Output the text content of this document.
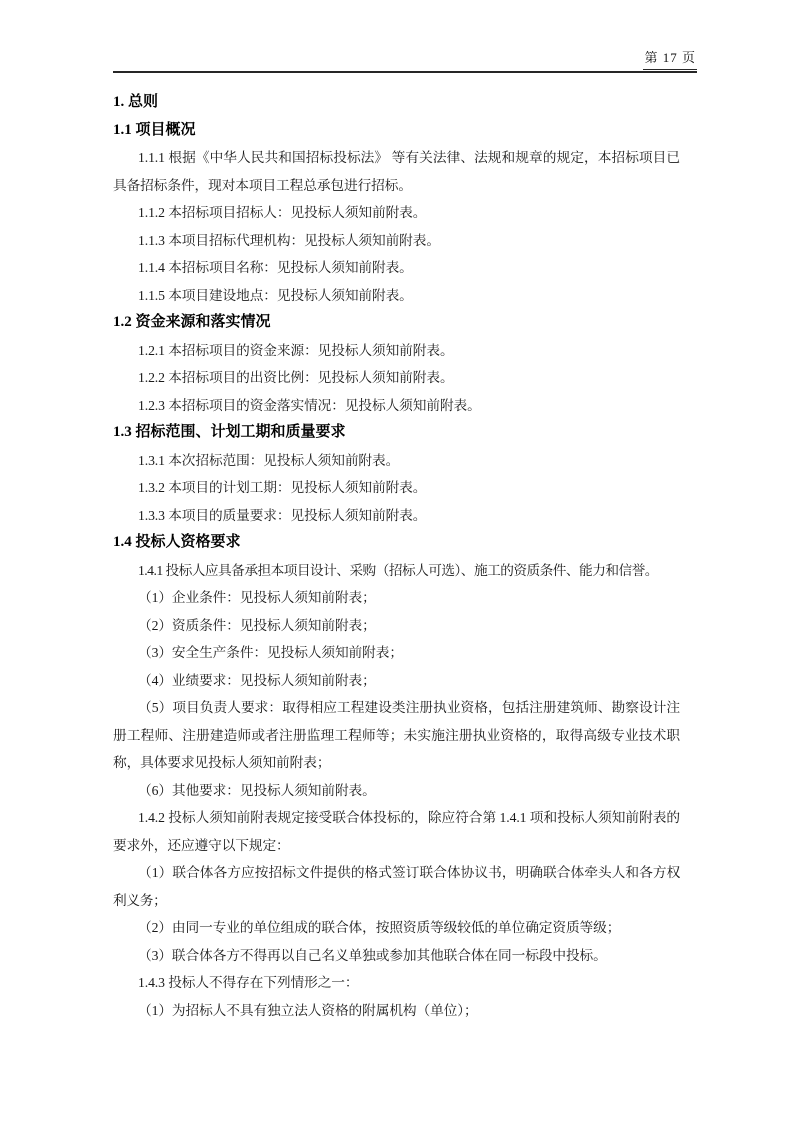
第 17 页

1. 总则

1.1 项目概况

1.1.1 根据《中华人民共和国招标投标法》 等有关法律、法规和规章的规定，本招标项目已具备招标条件，现对本项目工程总承包进行招标。

1.1.2 本招标项目招标人：见投标人须知前附表。

1.1.3 本项目招标代理机构：见投标人须知前附表。

1.1.4 本招标项目名称：见投标人须知前附表。

1.1.5 本项目建设地点：见投标人须知前附表。

1.2 资金来源和落实情况

1.2.1 本招标项目的资金来源：见投标人须知前附表。

1.2.2 本招标项目的出资比例：见投标人须知前附表。

1.2.3 本招标项目的资金落实情况：见投标人须知前附表。

1.3 招标范围、计划工期和质量要求

1.3.1 本次招标范围：见投标人须知前附表。

1.3.2 本项目的计划工期：见投标人须知前附表。

1.3.3 本项目的质量要求：见投标人须知前附表。

1.4 投标人资格要求

1.4.1 投标人应具备承担本项目设计、采购（招标人可选）、施工的资质条件、能力和信誉。

（1）企业条件：见投标人须知前附表；

（2）资质条件：见投标人须知前附表；

（3）安全生产条件：见投标人须知前附表；

（4）业绩要求：见投标人须知前附表；

（5）项目负责人要求：取得相应工程建设类注册执业资格，包括注册建筑师、勘察设计注册工程师、注册建造师或者注册监理工程师等；未实施注册执业资格的，取得高级专业技术职称，具体要求见投标人须知前附表；

（6）其他要求：见投标人须知前附表。

1.4.2 投标人须知前附表规定接受联合体投标的，除应符合第 1.4.1 项和投标人须知前附表的要求外，还应遵守以下规定：

（1）联合体各方应按招标文件提供的格式签订联合体协议书，明确联合体牵头人和各方权利义务；

（2）由同一专业的单位组成的联合体，按照资质等级较低的单位确定资质等级；

（3）联合体各方不得再以自己名义单独或参加其他联合体在同一标段中投标。

1.4.3 投标人不得存在下列情形之一：

（1）为招标人不具有独立法人资格的附属机构（单位）；
